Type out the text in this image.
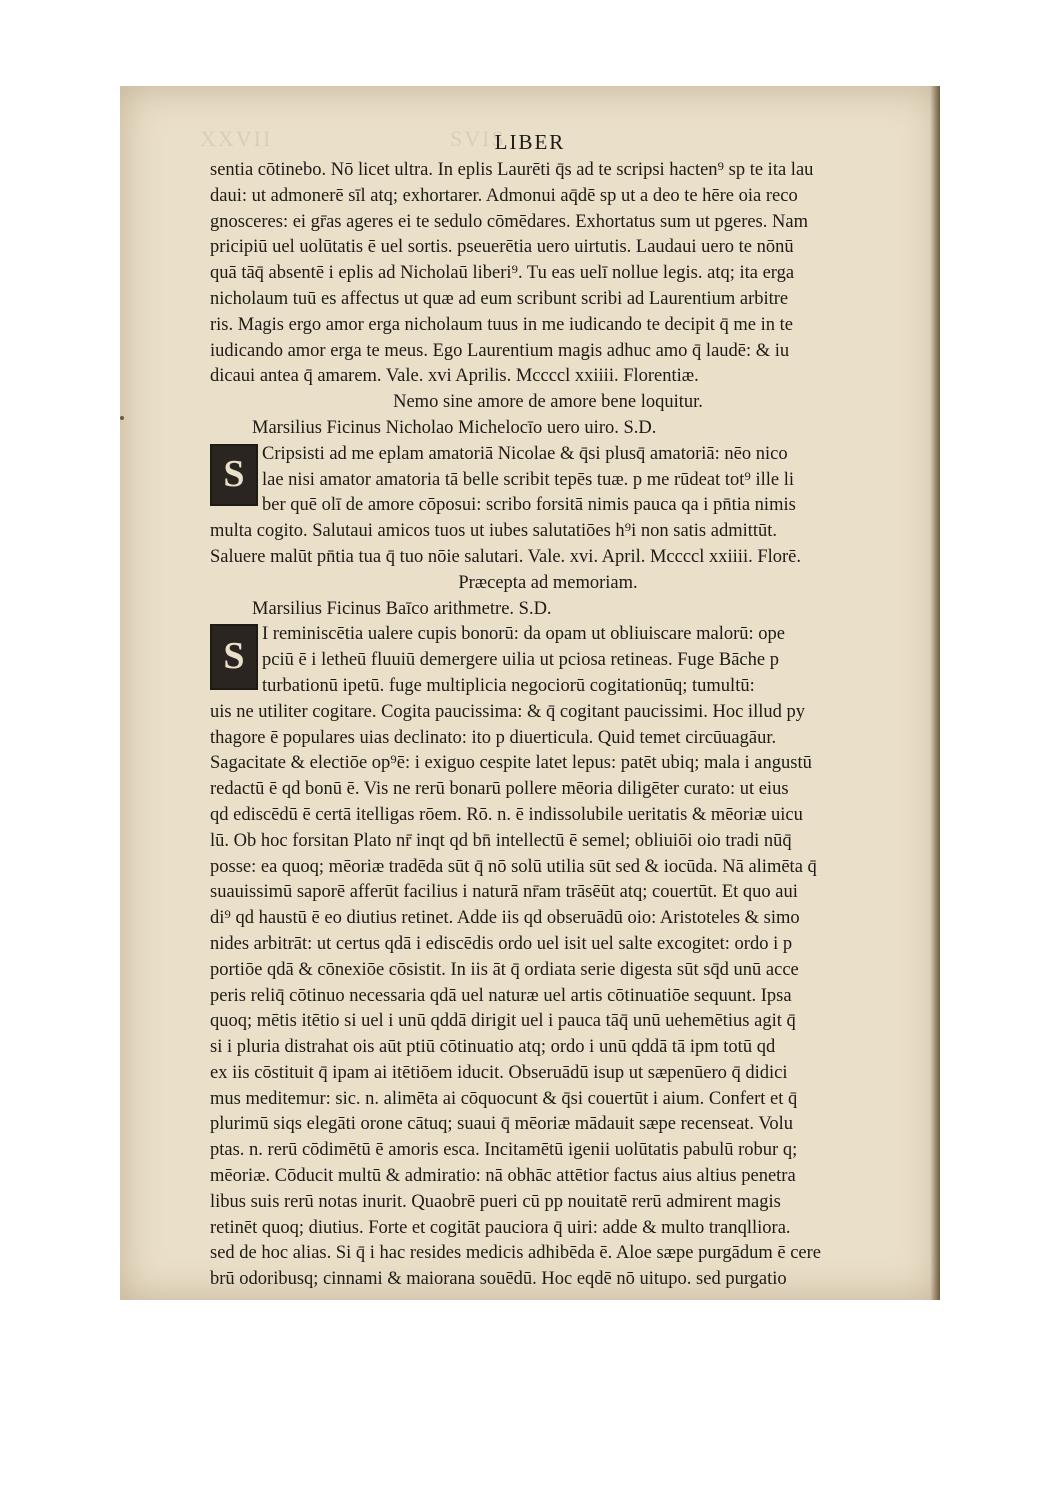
XXVII	SVIS
LIBER
sentia cōtinebo. Nō licet ultra. In eplis Laurēti q̄s ad te scripsi hacten⁹ sp te ita lau
daui: ut admonerē sīl atq; exhortarer. Admonui aq̄dē sp ut a deo te hēre oia reco
gnosceres: ei gr̄as ageres ei te sedulo cōmēdares. Exhortatus sum ut pgeres. Nam
pricipiū uel uolūtatis ē uel sortis. pseuerētia uero uirtutis. Laudaui uero te nōnū
quā tāq̄ absentē i eplis ad Nicholaū liberi⁹. Tu eas uelī nollue legis. atq; ita erga
nicholaum tuū es affectus ut quæ ad eum scribunt scribi ad Laurentium arbitre
ris. Magis ergo amor erga nicholaum tuus in me iudicando te decipit q̄ me in te
iudicando amor erga te meus. Ego Laurentium magis adhuc amo q̄ laudē: & iu
dicaui antea q̄ amarem. Vale. xvi Aprilis. Mccccl xxiiii. Florentiæ.
Nemo sine amore de amore bene loquitur.
Marsilius Ficinus Nicholao Michelocīo uero uiro. S.D.
S Cripsisti ad me eplam amatoriā Nicolae & q̄si plusq̄ amatoriā: nēo nico
lae nisi amator amatoria tā belle scribit tepēs tuæ. p me rūdeat tot⁹ ille li
ber quē olī de amore cōposui: scribo forsitā nimis pauca qa i pn̄tia nimis
multa cogito. Salutaui amicos tuos ut iubes salutatiōes h⁹i non satis admittūt.
Saluere malūt pn̄tia tua q̄ tuo nōie salutari. Vale. xvi. April. Mccccl xxiiii. Florē.
Præcepta ad memoriam.
Marsilius Ficinus Baīco arithmetre. S.D.
S
I reminiscētia ualere cupis bonorū: da opam ut obliuiscare malorū: ope
pciū ē i letheū fluuiū demergere uilia ut pciosa retineas. Fuge Bāche p
turbationū ipetū. fuge multiplicia negociorū cogitationūq; tumultū:
uis ne utiliter cogitare. Cogita paucissima: & q̄ cogitant paucissimi. Hoc illud py
thagore ē populares uias declinato: ito p diuerticula. Quid temet circūuagāur.
Sagacitate & electiōe op⁹ē: i exiguo cespite latet lepus: patēt ubiq; mala i angustū
redactū ē qd bonū ē. Vis ne rerū bonarū pollere mēoria diligēter curato: ut eius
qd ediscēdū ē certā itelligas rōem. Rō. n. ē indissolubile ueritatis & mēoriæ uicu
lū. Ob hoc forsitan Plato nr̄ inqt qd bn̄ intellectū ē semel; obliuiōi oio tradi nūq̄
posse: ea quoq; mēoriæ tradēda sūt q̄ nō solū utilia sūt sed & iocūda. Nā alimēta q̄
suauissimū saporē afferūt facilius i naturā nr̄am trāsēūt atq; couertūt. Et quo aui
di⁹ qd haustū ē eo diutius retinet. Adde iis qd obseruādū oio: Aristoteles & simo
nides arbitrāt: ut certus qdā i ediscēdis ordo uel isit uel salte excogitet: ordo i p
portiōe qdā & cōnexiōe cōsistit. In iis āt q̄ ordiata serie digesta sūt sq̄d unū acce
peris reliq̄ cōtinuo necessaria qdā uel naturæ uel artis cōtinuatiōe sequunt. Ipsa
quoq; mētis itētio si uel i unū qddā dirigit uel i pauca tāq̄ unū uehemētius agit q̄
si i pluria distrahat ois aūt ptiū cōtinuatio atq; ordo i unū qddā tā ipm totū qd
ex iis cōstituit q̄ ipam ai itētiōem iducit. Obseruādū isup ut sæpenūero q̄ didici
mus meditemur: sic. n. alimēta ai cōquocunt & q̄si couertūt i aium. Confert et q̄
plurimū siqs elegāti orone cātuq; suaui q̄ mēoriæ mādauit sæpe recenseat. Volu
ptas. n. rerū cōdimētū ē amoris esca. Incitamētū igenii uolūtatis pabulū robur q;
mēoriæ. Cōducit multū & admiratio: nā obhāc attētior factus aius altius penetra
libus suis rerū notas inurit. Quaobrē pueri cū pp nouitatē rerū admirent magis
retinēt quoq; diutius. Forte et cogitāt pauciora q̄ uiri: adde & multo tranqlliora.
sed de hoc alias. Si q̄ i hac resides medicis adhibēda ē. Aloe sæpe purgādum ē cere
brū odoribusq; cinnami & maiorana souēdū. Hoc eqdē nō uitupo. sed purgatio
